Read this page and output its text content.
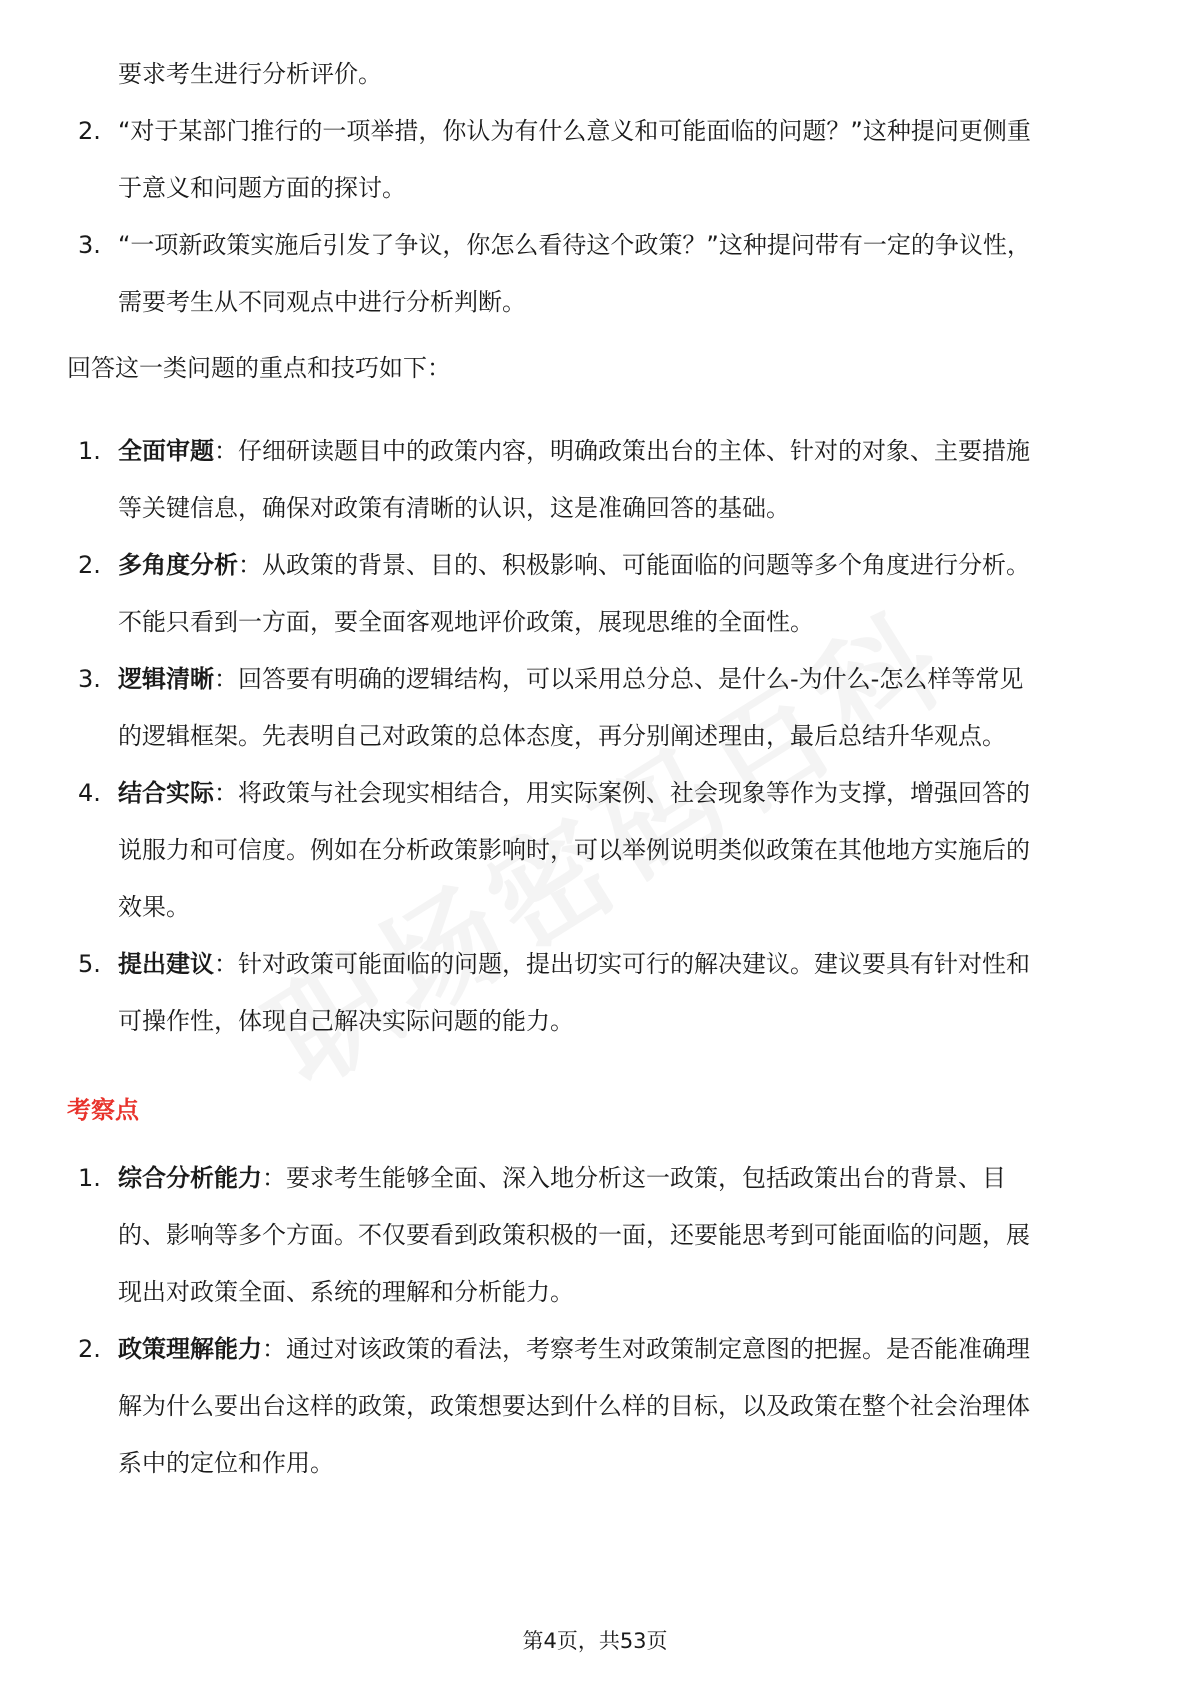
要求考生进行分析评价。
2. “对于某部门推行的一项举措，你认为有什么意义和可能面临的问题？”这种提问更侧重于意义和问题方面的探讨。
3. “一项新政策实施后引发了争议，你怎么看待这个政策？”这种提问带有一定的争议性，需要考生从不同观点中进行分析判断。
回答这一类问题的重点和技巧如下：
1. 全面审题：仔细研读题目中的政策内容，明确政策出台的主体、针对的对象、主要措施等关键信息，确保对政策有清晰的认识，这是准确回答的基础。
2. 多角度分析：从政策的背景、目的、积极影响、可能面临的问题等多个角度进行分析。不能只看到一方面，要全面客观地评价政策，展现思维的全面性。
3. 逻辑清晰：回答要有明确的逻辑结构，可以采用总分总、是什么-为什么-怎么样等常见的逻辑框架。先表明自己对政策的总体态度，再分别阐述理由，最后总结升华观点。
4. 结合实际：将政策与社会现实相结合，用实际案例、社会现象等作为支撑，增强回答的说服力和可信度。例如在分析政策影响时，可以举例说明类似政策在其他地方实施后的效果。
5. 提出建议：针对政策可能面临的问题，提出切实可行的解决建议。建议要具有针对性和可操作性，体现自己解决实际问题的能力。
考察点
1. 综合分析能力：要求考生能够全面、深入地分析这一政策，包括政策出台的背景、目的、影响等多个方面。不仅要看到政策积极的一面，还要能思考到可能面临的问题，展现出对政策全面、系统的理解和分析能力。
2. 政策理解能力：通过对该政策的看法，考察考生对政策制定意图的把握。是否能准确理解为什么要出台这样的政策，政策想要达到什么样的目标，以及政策在整个社会治理体系中的定位和作用。
第4页，共53页
